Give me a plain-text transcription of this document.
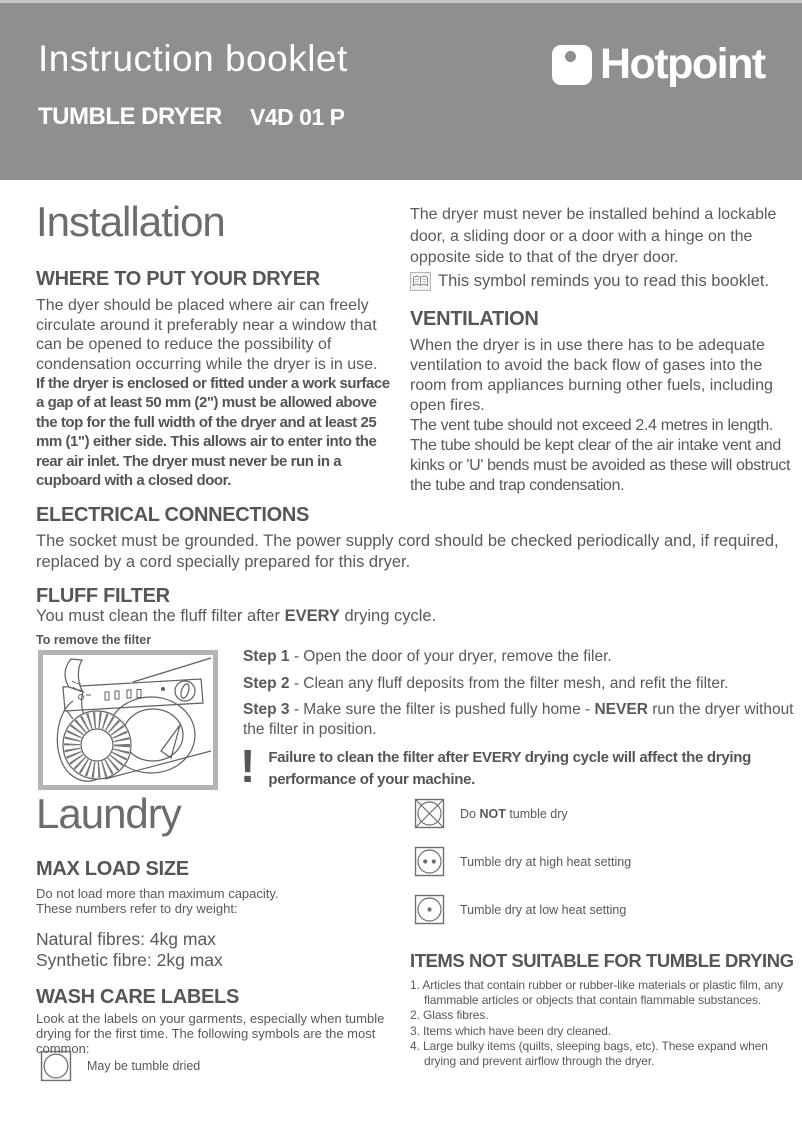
Instruction booklet
TUMBLE DRYER V4D 01 P
Hotpoint
Installation
WHERE TO PUT YOUR DRYER

The dyer should be placed where air can freely circulate around it preferably near a window that can be opened to reduce the possibility of condensation occurring while the dryer is in use.

If the dryer is enclosed or fitted under a work surface a gap of at least 50 mm (2") must be allowed above the top for the full width of the dryer and at least 25 mm (1") either side. This allows air to enter into the rear air inlet. The dryer must never be run in a cupboard with a closed door.

The dryer must never be installed behind a lockable door, a sliding door or a door with a hinge on the opposite side to that of the dryer door.
This symbol reminds you to read this booklet.
VENTILATION

When the dryer is in use there has to be adequate ventilation to avoid the back flow of gases into the room from appliances burning other fuels, including open fires.

The vent tube should not exceed 2.4 metres in length. The tube should be kept clear of the air intake vent and kinks or 'U' bends must be avoided as these will obstruct the tube and trap condensation.

ELECTRICAL CONNECTIONS
The socket must be grounded. The power supply cord should be checked periodically and, if required, replaced by a cord specially prepared for this dryer.
FLUFF FILTER
You must clean the fluff filter after EVERY drying cycle.
To remove the filter

Step 1 - Open the door of your dryer, remove the filer.

Step 2 - Clean any fluff deposits from the filter mesh, and refit the filter.

Step 3 - Make sure the filter is pushed fully home - NEVER run the dryer without the filter in position.

! Failure to clean the filter after EVERY drying cycle will affect the drying performance of your machine.
Laundry
MAX LOAD SIZE

Do not load more than maximum capacity.

These numbers refer to dry weight:

Natural fibres: 4kg max

Synthetic fibre: 2kg max

WASH CARE LABELS
Look at the labels on your garments, especially when tumble drying for the first time. The following symbols are the most common:
May be tumble dried
Do NOT tumble dry
Tumble dry at high heat setting
Tumble dry at low heat setting
ITEMS NOT SUITABLE FOR TUMBLE DRYING
1. Articles that contain rubber or rubber-like materials or plastic film, any flammable articles or objects that contain flammable substances.
2. Glass fibres.
3. Items which have been dry cleaned.
4. Large bulky items (quilts, sleeping bags, etc). These expand when drying and prevent airflow through the dryer.
